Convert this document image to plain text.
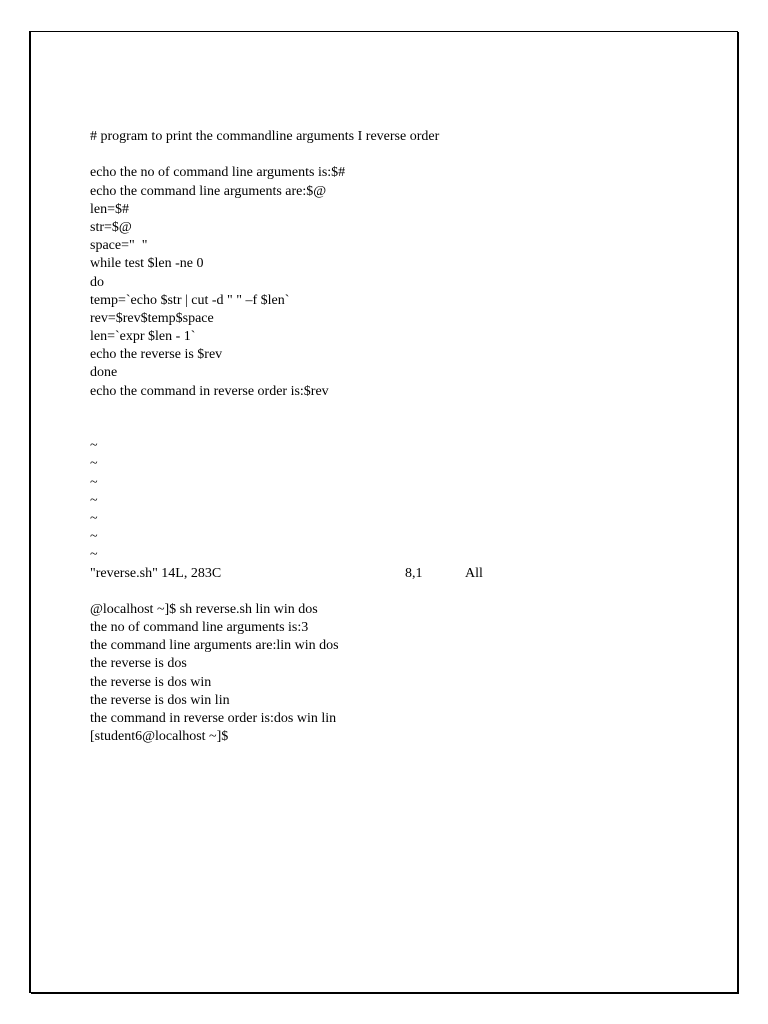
# program to print the commandline arguments I reverse order
echo the no of command line arguments is:$#
echo the command line arguments are:$@
len=$#
str=$@
space="  "
while test $len -ne 0
do
temp=`echo $str | cut -d " " –f $len`
rev=$rev$temp$space
len=`expr $len - 1`
echo the reverse is $rev
done
echo the command in reverse order is:$rev
~
~
~
~
~
~
~

"reverse.sh" 14L, 283C

	8,1

	All

@localhost ~]$ sh reverse.sh lin win dos
the no of command line arguments is:3
the command line arguments are:lin win dos
the reverse is dos
the reverse is dos win
the reverse is dos win lin
the command in reverse order is:dos win lin
[student6@localhost ~]$
